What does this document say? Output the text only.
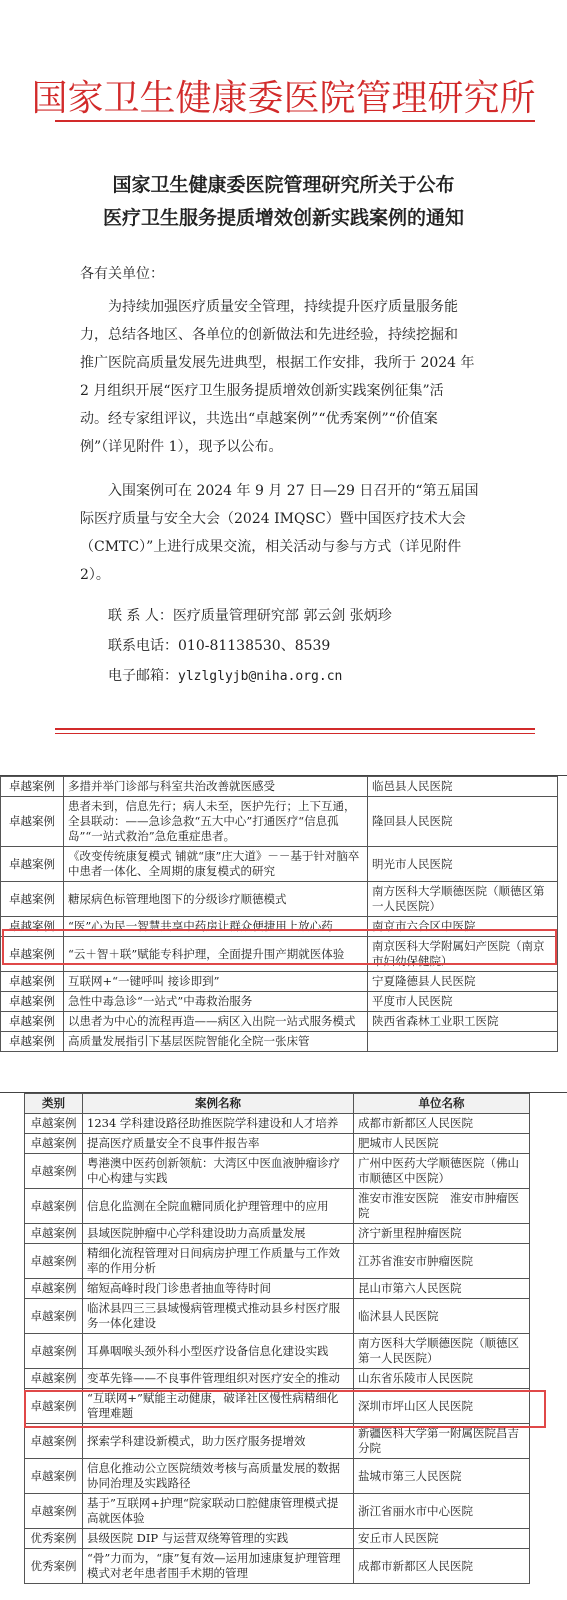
国家卫生健康委医院管理研究所
国家卫生健康委医院管理研究所关于公布
医疗卫生服务提质增效创新实践案例的通知
各有关单位：
为持续加强医疗质量安全管理，持续提升医疗质量服务能
力，总结各地区、各单位的创新做法和先进经验，持续挖掘和
推广医院高质量发展先进典型，根据工作安排，我所于 2024 年
2 月组织开展“医疗卫生服务提质增效创新实践案例征集”活
动。经专家组评议，共选出“卓越案例”“优秀案例”“价值案
例”（详见附件 1），现予以公布。
入围案例可在 2024 年 9 月 27 日—29 日召开的“第五届国
际医疗质量与安全大会（2024 IMQSC）暨中国医疗技术大会
（CMTC）”上进行成果交流，相关活动与参与方式（详见附件
2）。
联 系 人：医疗质量管理研究部 郭云剑 张炳珍
联系电话：010-81138530、8539
电子邮箱：ylzlglyjb@niha.org.cn
卓越案例	多措并举门诊部与科室共治改善就医感受	临邑县人民医院
卓越案例	患者未到，信息先行；病人未至，医护先行；上下互通，全县联动：——急诊急救“五大中心”打通医疗“信息孤岛”“一站式救治”急危重症患者。	隆回县人民医院
卓越案例	《改变传统康复模式 铺就“康”庄大道》－－基于针对脑卒中患者一体化、全周期的康复模式的研究	明光市人民医院
卓越案例	糖尿病色标管理地图下的分级诊疗顺德模式	南方医科大学顺德医院（顺德区第一人民医院）
卓越案例	“医”心为民一智慧共享中药房让群众便捷用上放心药	南京市六合区中医院
卓越案例	“云＋智＋联”赋能专科护理，全面提升围产期就医体验	南京医科大学附属妇产医院（南京市妇幼保健院）
卓越案例	互联网+“一键呼叫 接诊即到”	宁夏隆德县人民医院
卓越案例	急性中毒急诊“一站式”中毒救治服务	平度市人民医院
卓越案例	以患者为中心的流程再造——病区入出院一站式服务模式	陕西省森林工业职工医院
卓越案例	高质量发展指引下基层医院智能化全院一张床管	
类别	案例名称	单位名称
卓越案例	1234 学科建设路径助推医院学科建设和人才培养	成都市新都区人民医院
卓越案例	提高医疗质量安全不良事件报告率	肥城市人民医院
卓越案例	粤港澳中医药创新领航：大湾区中医血液肿瘤诊疗中心构建与实践	广州中医药大学顺德医院（佛山市顺德区中医院）
卓越案例	信息化监测在全院血糖同质化护理管理中的应用	淮安市淮安医院　淮安市肿瘤医院
卓越案例	县域医院肿瘤中心学科建设助力高质量发展	济宁新里程肿瘤医院
卓越案例	精细化流程管理对日间病房护理工作质量与工作效率的作用分析	江苏省淮安市肿瘤医院
卓越案例	缩短高峰时段门诊患者抽血等待时间	昆山市第六人民医院
卓越案例	临沭县四三三县域慢病管理模式推动县乡村医疗服务一体化建设	临沭县人民医院
卓越案例	耳鼻咽喉头颈外科小型医疗设备信息化建设实践	南方医科大学顺德医院（顺德区第一人民医院）
卓越案例	变革先锋——不良事件管理组织对医疗安全的推动	山东省乐陵市人民医院
卓越案例	“互联网+”赋能主动健康，破译社区慢性病精细化管理难题	深圳市坪山区人民医院
卓越案例	探索学科建设新模式，助力医疗服务提增效	新疆医科大学第一附属医院昌吉分院
卓越案例	信息化推动公立医院绩效考核与高质量发展的数据协同治理及实践路径	盐城市第三人民医院
卓越案例	基于”互联网+护理“院家联动口腔健康管理模式提高就医体验	浙江省丽水市中心医院
优秀案例	县级医院 DIP 与运营双绕筹管理的实践	安丘市人民医院
优秀案例	“骨”力而为，“康”复有效—运用加速康复护理管理模式对老年患者围手术期的管理	成都市新都区人民医院
